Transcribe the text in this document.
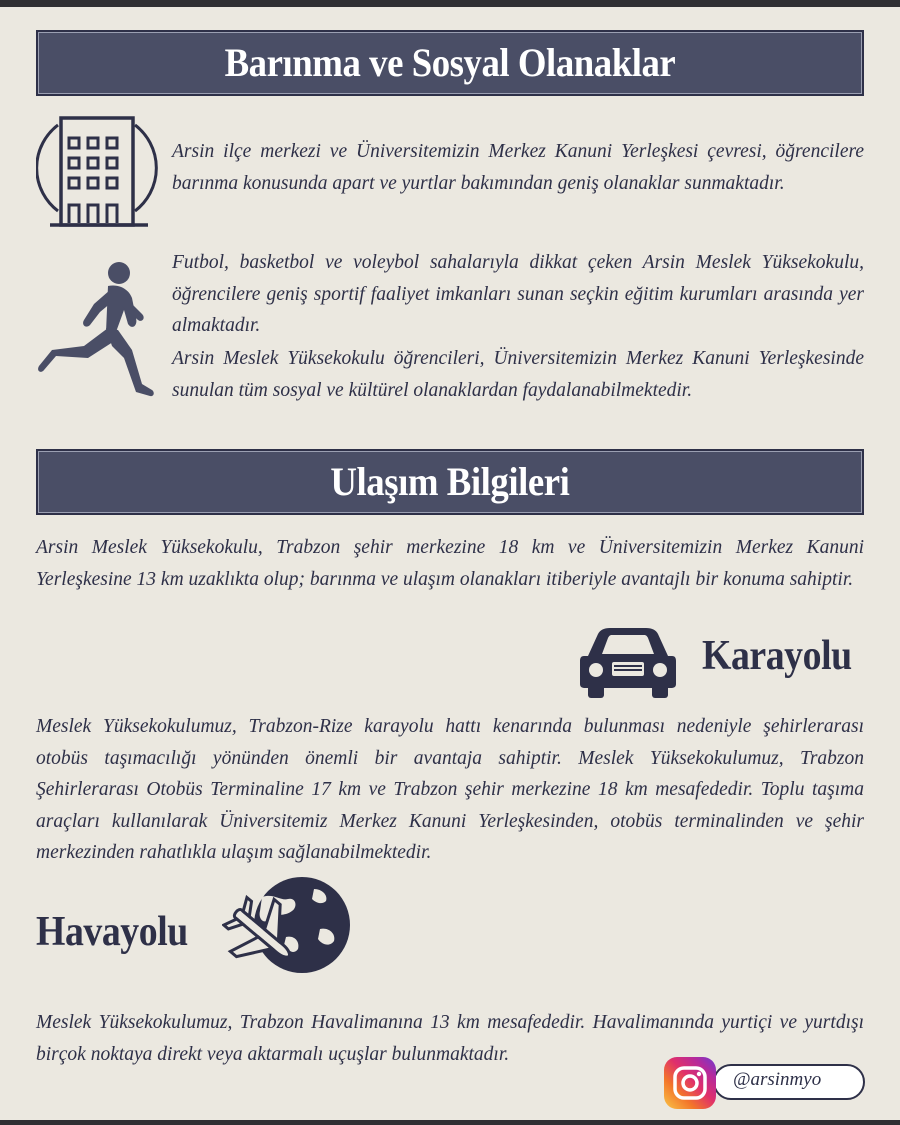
Barınma ve Sosyal Olanaklar
Arsin ilçe merkezi ve Üniversitemizin Merkez Kanuni Yerleşkesi çevresi, öğrencilere barınma konusunda apart ve yurtlar bakımından geniş olanaklar sunmaktadır.
Futbol, basketbol ve voleybol sahalarıyla dikkat çeken Arsin Meslek Yüksekokulu, öğrencilere geniş sportif faaliyet imkanları sunan seçkin eğitim kurumları arasında yer almaktadır.
Arsin Meslek Yüksekokulu öğrencileri, Üniversitemizin Merkez Kanuni Yerleşkesinde sunulan tüm sosyal ve kültürel olanaklardan faydalanabilmektedir.
Ulaşım Bilgileri
Arsin Meslek Yüksekokulu, Trabzon şehir merkezine 18 km ve Üniversitemizin Merkez Kanuni Yerleşkesine 13 km uzaklıkta olup; barınma ve ulaşım olanakları itiberiyle avantajlı bir konuma sahiptir.
Karayolu
Meslek Yüksekokulumuz, Trabzon-Rize karayolu hattı kenarında bulunması nedeniyle şehirlerarası otobüs taşımacılığı yönünden önemli bir avantaja sahiptir. Meslek Yüksekokulumuz, Trabzon Şehirlerarası Otobüs Terminaline 17 km ve Trabzon şehir merkezine 18 km mesafededir. Toplu taşıma araçları kullanılarak Üniversitemiz Merkez Kanuni Yerleşkesinden, otobüs terminalinden ve şehir merkezinden rahatlıkla ulaşım sağlanabilmektedir.
Havayolu
Meslek Yüksekokulumuz, Trabzon Havalimanına 13 km mesafededir. Havalimanında yurtiçi ve yurtdışı birçok noktaya direkt veya aktarmalı uçuşlar bulunmaktadır.
@arsinmyo
